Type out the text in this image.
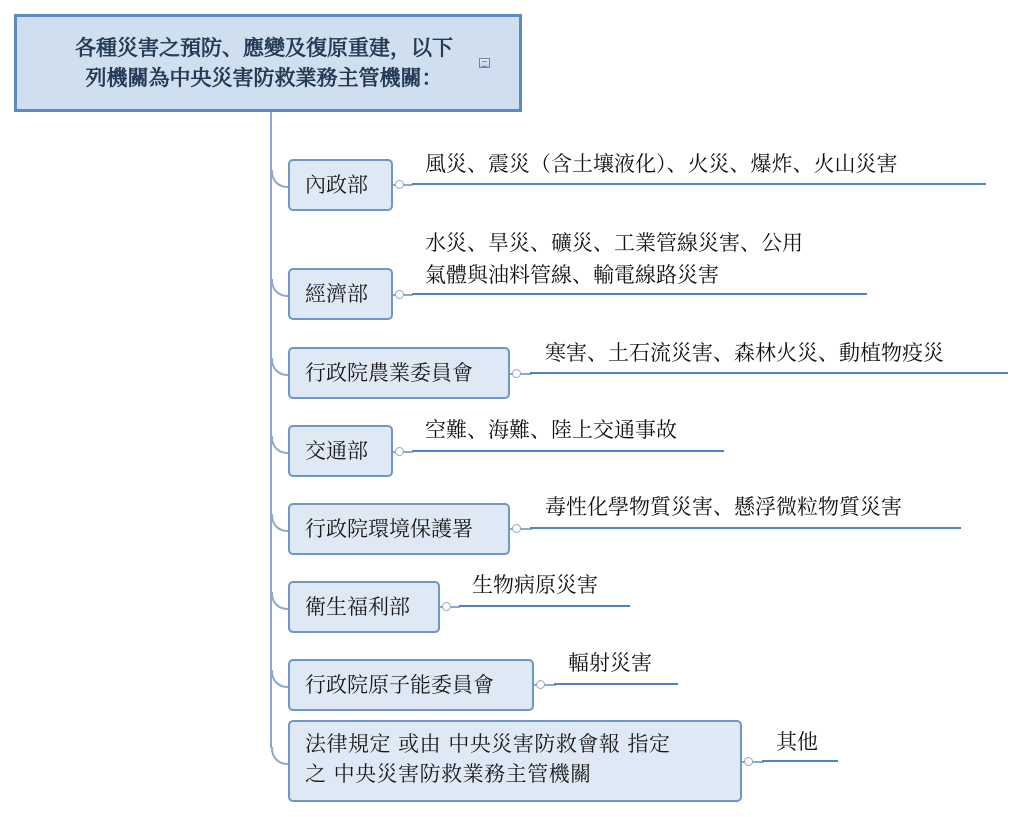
各種災害之預防、應變及復原重建，以下
列機關為中央災害防救業務主管機關：
內政部
風災、震災（含土壤液化）、火災、爆炸、火山災害
經濟部
水災、旱災、礦災、工業管線災害、公用
氣體與油料管線、輸電線路災害
行政院農業委員會
寒害、土石流災害、森林火災、動植物疫災
交通部
空難、海難、陸上交通事故
行政院環境保護署
毒性化學物質災害、懸浮微粒物質災害
衛生福利部
生物病原災害
行政院原子能委員會
輻射災害
法律規定 或由 中央災害防救會報 指定
之 中央災害防救業務主管機關
其他
